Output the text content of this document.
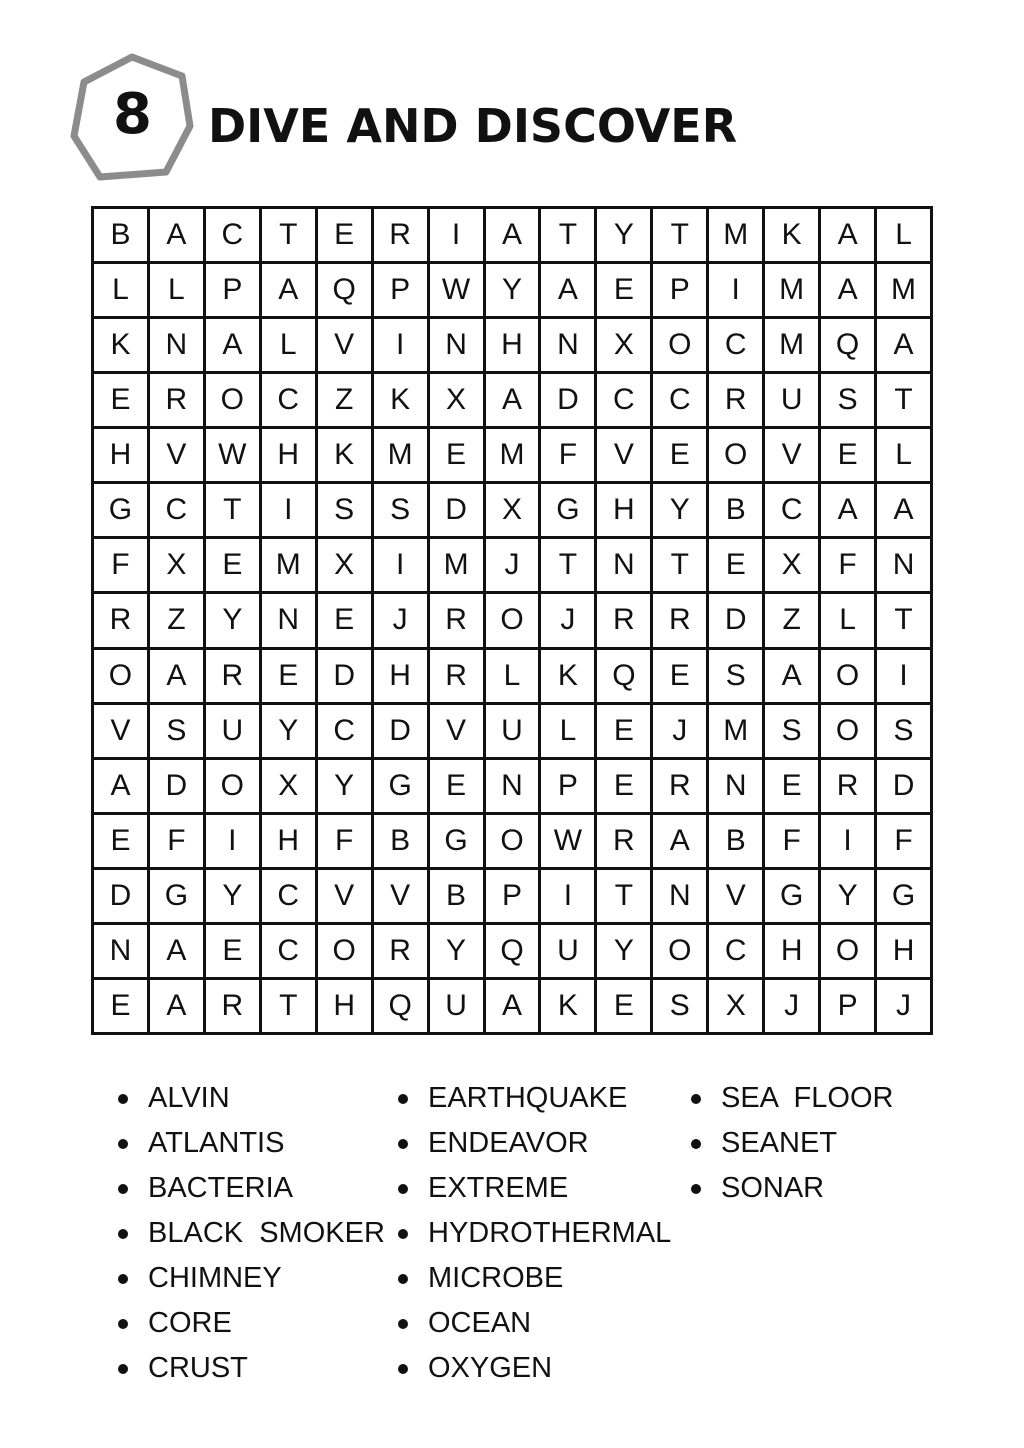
8	DIVE AND DISCOVER
B	A	C	T	E	R	I	A	T	Y	T	M	K	A	L
L	L	P	A	Q	P	W	Y	A	E	P	I	M	A	M
K	N	A	L	V	I	N	H	N	X	O	C	M	Q	A
E	R	O	C	Z	K	X	A	D	C	C	R	U	S	T
H	V	W	H	K	M	E	M	F	V	E	O	V	E	L
G	C	T	I	S	S	D	X	G	H	Y	B	C	A	A
F	X	E	M	X	I	M	J	T	N	T	E	X	F	N
R	Z	Y	N	E	J	R	O	J	R	R	D	Z	L	T
O	A	R	E	D	H	R	L	K	Q	E	S	A	O	I
V	S	U	Y	C	D	V	U	L	E	J	M	S	O	S
A	D	O	X	Y	G	E	N	P	E	R	N	E	R	D
E	F	I	H	F	B	G	O	W	R	A	B	F	I	F
D	G	Y	C	V	V	B	P	I	T	N	V	G	Y	G
N	A	E	C	O	R	Y	Q	U	Y	O	C	H	O	H
E	A	R	T	H	Q	U	A	K	E	S	X	J	P	J
ALVIN
ATLANTIS
BACTERIA
BLACK  SMOKER
CHIMNEY
CORE
CRUST
EARTHQUAKE
ENDEAVOR
EXTREME
HYDROTHERMAL
MICROBE
OCEAN
OXYGEN
SEA  FLOOR
SEANET
SONAR
